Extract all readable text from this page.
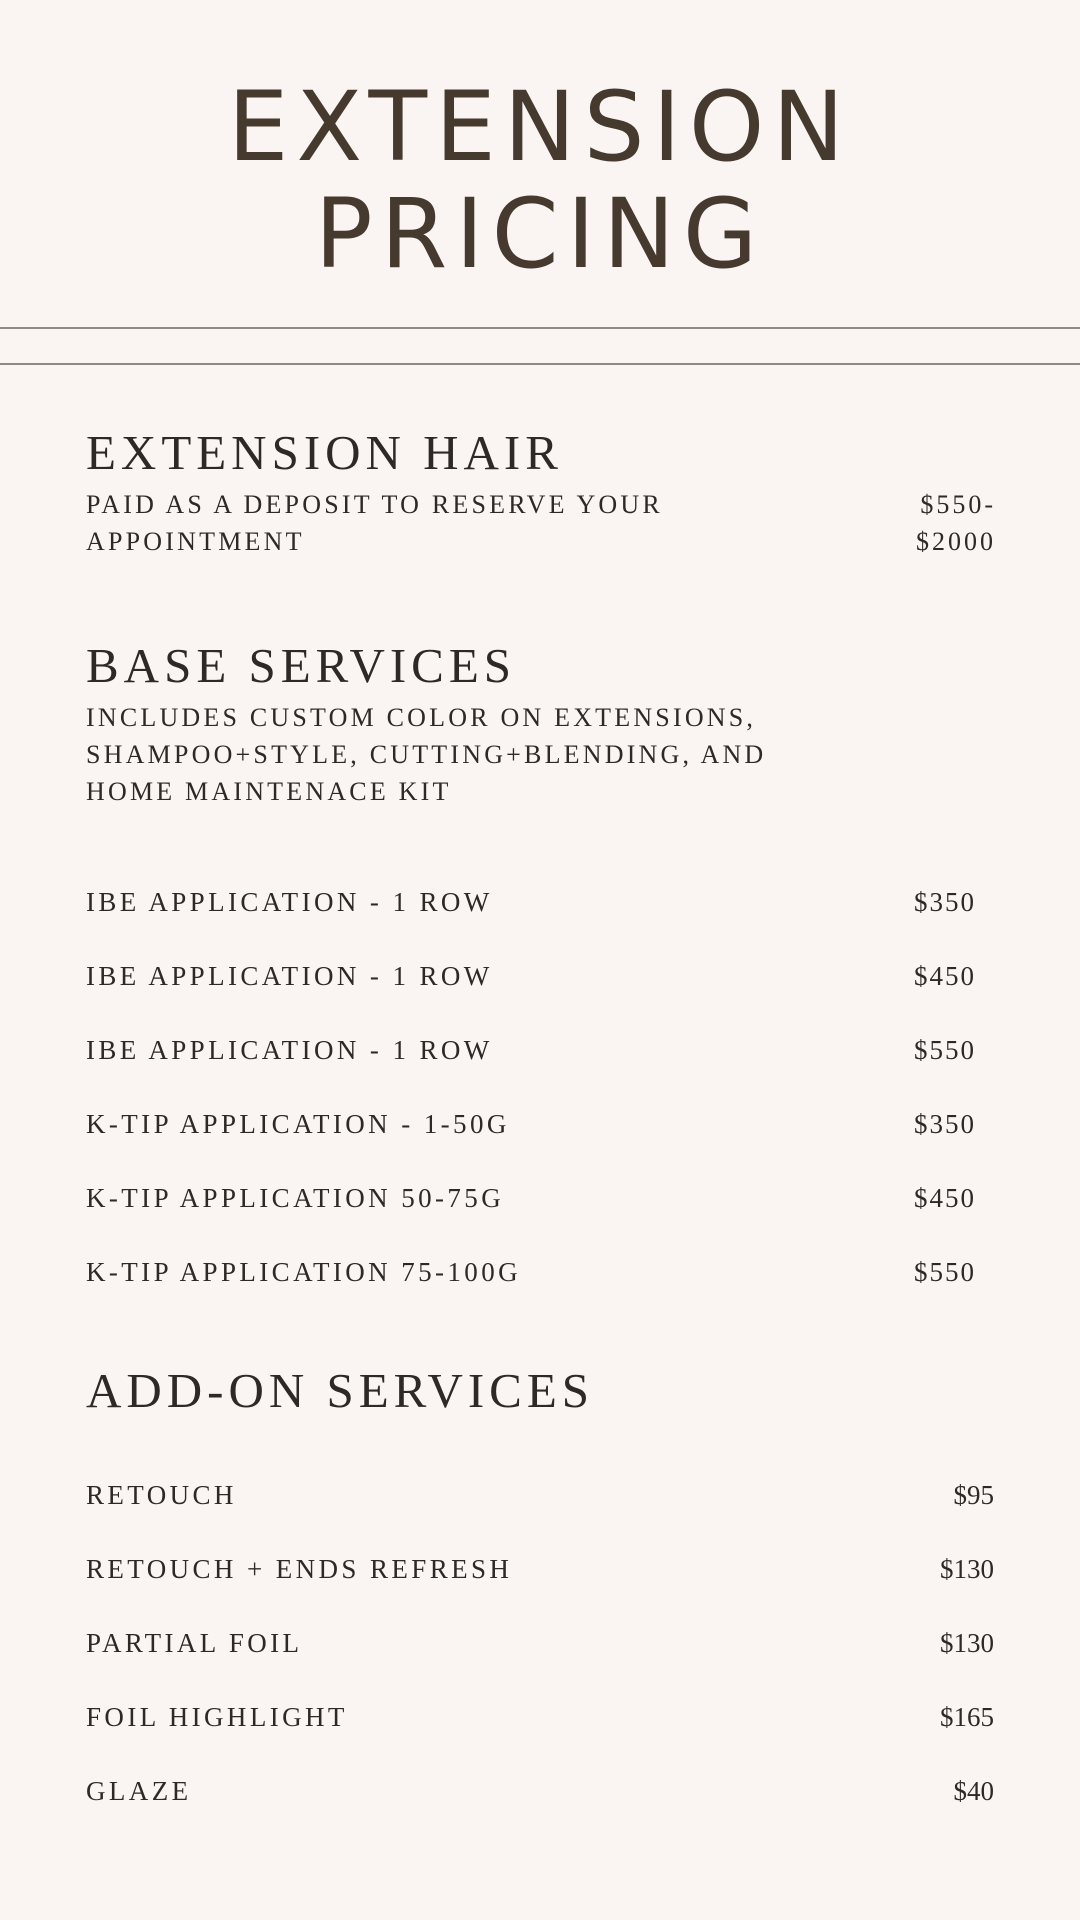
EXTENSION
PRICING
EXTENSION HAIR
PAID AS A DEPOSIT TO RESERVE YOUR
APPOINTMENT
$550-
$2000
BASE SERVICES
INCLUDES CUSTOM COLOR ON EXTENSIONS,
SHAMPOO+STYLE, CUTTING+BLENDING, AND
HOME MAINTENACE KIT
IBE APPLICATION - 1 ROW	$350
IBE APPLICATION - 1 ROW	$450
IBE APPLICATION - 1 ROW	$550
K-TIP APPLICATION - 1-50G	$350
K-TIP APPLICATION 50-75G	$450
K-TIP APPLICATION 75-100G	$550
ADD-ON SERVICES
RETOUCH	$95
RETOUCH + ENDS REFRESH	$130
PARTIAL FOIL	$130
FOIL HIGHLIGHT	$165
GLAZE	$40
